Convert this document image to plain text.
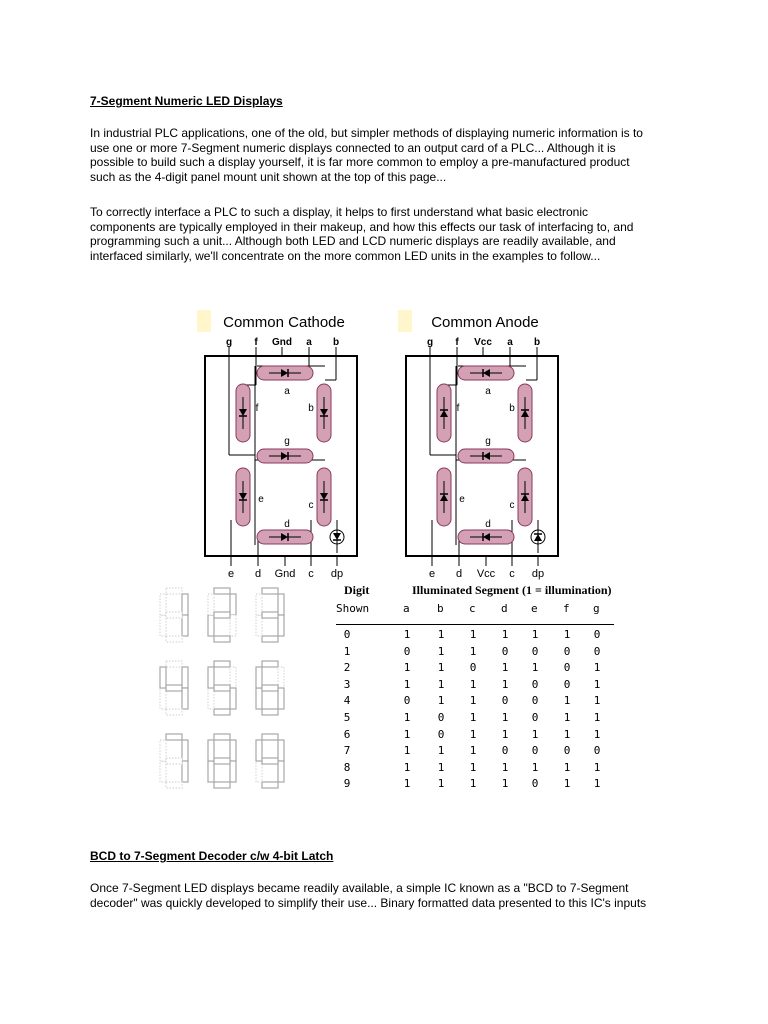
7-Segment Numeric LED Displays
In industrial PLC applications, one of the old, but simpler methods of displaying numeric information is to
use one or more 7-Segment numeric displays connected to an output card of a PLC... Although it is
possible to build such a display yourself, it is far more common to employ a pre-manufactured product
such as the 4-digit panel mount unit shown at the top of this page...
To correctly interface a PLC to such a display, it helps to first understand what basic electronic
components are typically employed in their makeup, and how this effects our task of interfacing to, and
programming such a unit... Although both LED and LCD numeric displays are readily available, and
interfaced similarly, we'll concentrate on the more common LED units in the examples to follow...
Common Cathode
g f Gnd a b
e d Gnd c dp
a
b
c
d
e
f
g
Common Anode
g f Vcc a b
e d Vcc c dp
a
b
c
d
e
f
g
Digit
Shown
Illuminated Segment (1 = illumination)
a b c d e f g
0	1	1	1	1	1	1	0
1	0	1	1	0	0	0	0
2	1	1	0	1	1	0	1
3	1	1	1	1	0	0	1
4	0	1	1	0	0	1	1
5	1	0	1	1	0	1	1
6	1	0	1	1	1	1	1
7	1	1	1	0	0	0	0
8	1	1	1	1	1	1	1
9	1	1	1	1	0	1	1
BCD to 7-Segment Decoder c/w 4-bit Latch
Once 7-Segment LED displays became readily available, a simple IC known as a "BCD to 7-Segment
decoder" was quickly developed to simplify their use... Binary formatted data presented to this IC's inputs
